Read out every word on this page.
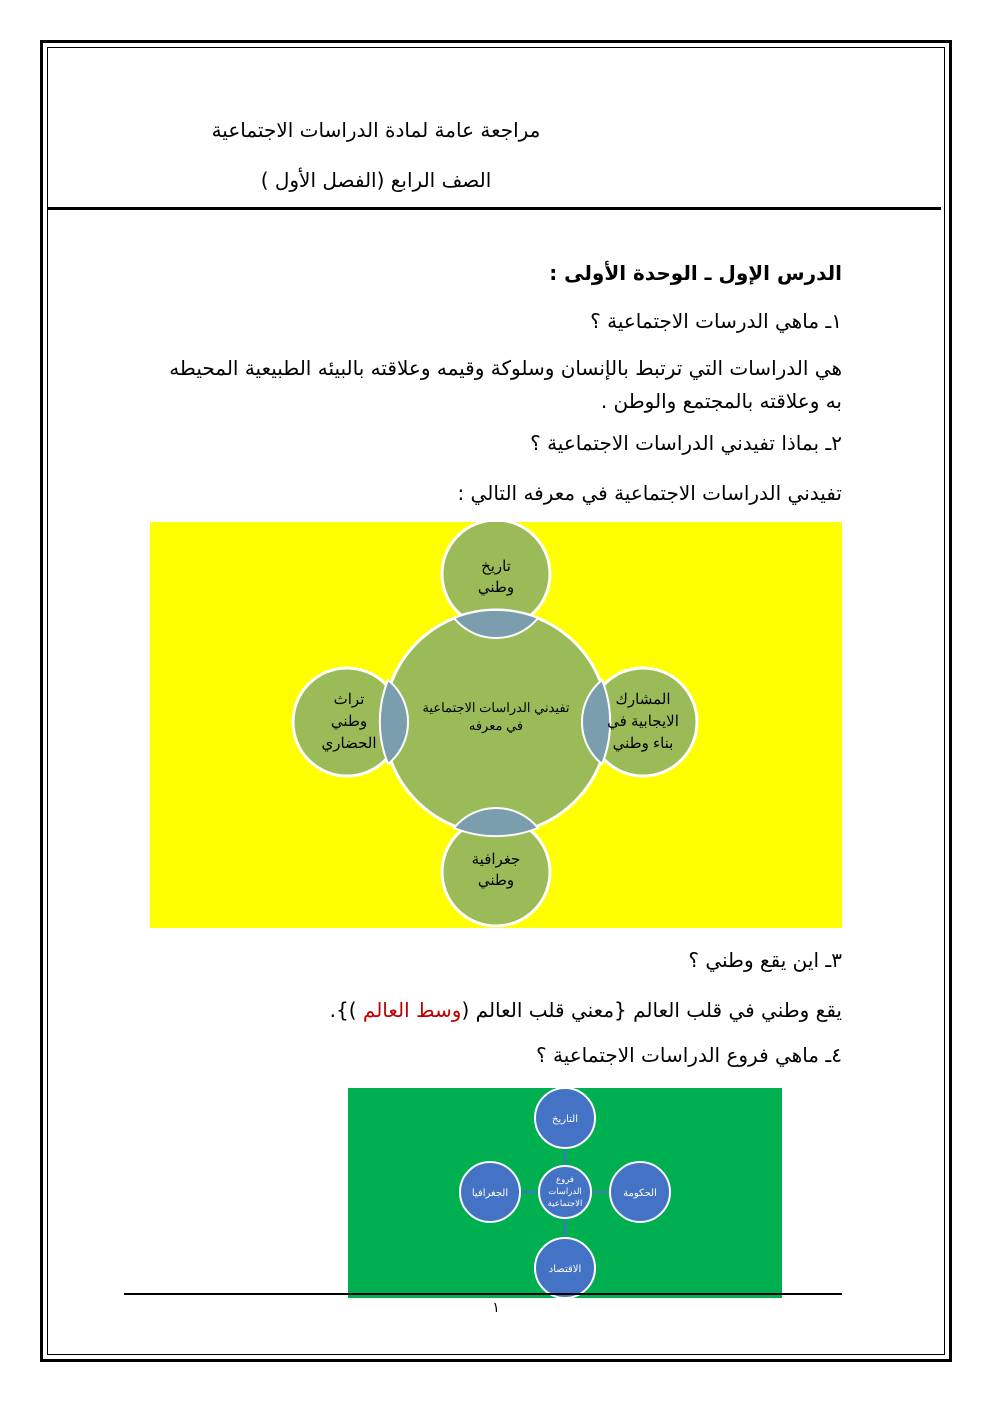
مراجعة عامة لمادة الدراسات الاجتماعية
الصف الرابع (الفصل الأول )
الدرس الإول ـ الوحدة الأولى :
١ـ ماهي الدرسات الاجتماعية ؟
هي الدراسات التي ترتبط بالإنسان وسلوكة وقيمه وعلاقته بالبيئه الطبيعية المحيطه
به وعلاقته بالمجتمع والوطن .
٢ـ بماذا تفيدني الدراسات الاجتماعية ؟
تفيدني الدراسات الاجتماعية في معرفه التالي :
تفيدني الدراسات الاجتماعية
في معرفه
تاريخ
وطني
جغرافية
وطني
تراث
وطني
الحضاري
المشارك
الايجابية في
بناء وطني
٣ـ اين يقع وطني ؟
يقع وطني في قلب العالم {معني قلب العالم (وسط العالم )}.
٤ـ ماهي فروع الدراسات الاجتماعية ؟
التاريخ
الاقتصاد
الجغرافيا	الحكومة
فروع
الدراسات
الاجتماعية
١
